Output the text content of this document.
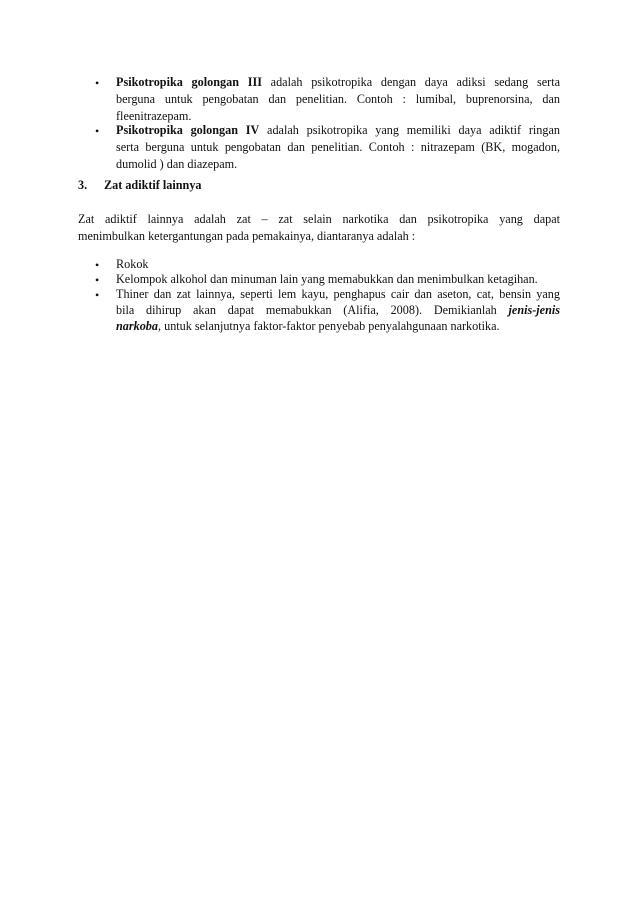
• Psikotropika golongan III adalah psikotropika dengan daya adiksi sedang serta
berguna untuk pengobatan dan penelitian. Contoh : lumibal, buprenorsina, dan
fleenitrazepam.
• Psikotropika golongan IV adalah psikotropika yang memiliki daya adiktif ringan
serta berguna untuk pengobatan dan penelitian. Contoh : nitrazepam (BK, mogadon,
dumolid ) dan diazepam.
3. Zat adiktif lainnya
Zat adiktif lainnya adalah zat – zat selain narkotika dan psikotropika yang dapat
menimbulkan ketergantungan pada pemakainya, diantaranya adalah :
• Rokok
• Kelompok alkohol dan minuman lain yang memabukkan dan menimbulkan ketagihan.
• Thiner dan zat lainnya, seperti lem kayu, penghapus cair dan aseton, cat, bensin yang
bila dihirup akan dapat memabukkan (Alifia, 2008). Demikianlah jenis-jenis
narkoba, untuk selanjutnya faktor-faktor penyebab penyalahgunaan narkotika.
